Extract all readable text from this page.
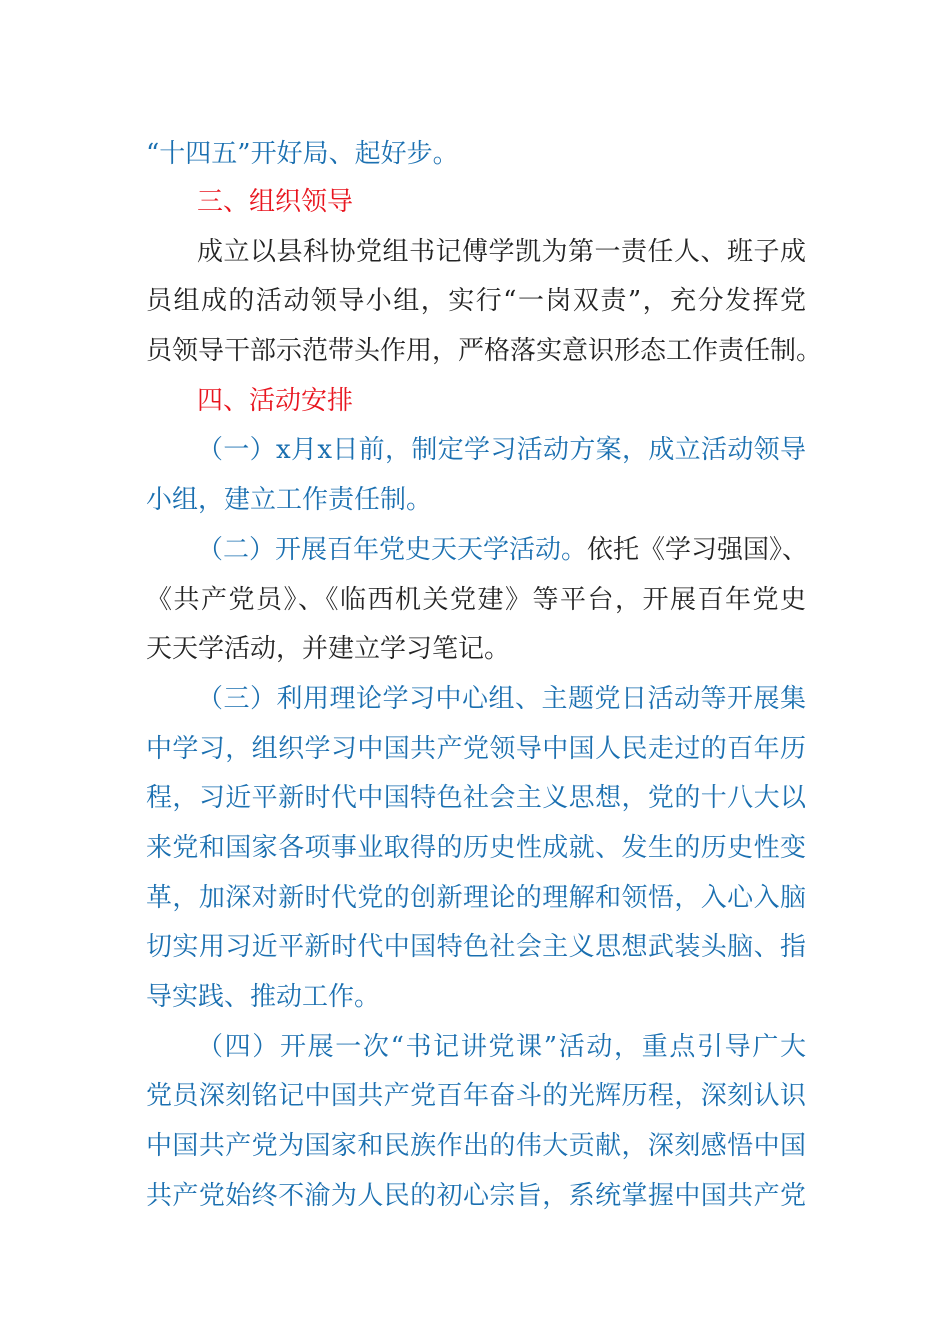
“十四五”开好局、起好步。
三、组织领导
成立以县科协党组书记傅学凯为第一责任人、班子成
员组成的活动领导小组，实行“一岗双责”，充分发挥党
员领导干部示范带头作用，严格落实意识形态工作责任制。
四、活动安排
（一）x月x日前，制定学习活动方案，成立活动领导
小组，建立工作责任制。
（二）开展百年党史天天学活动。依托《学习强国》、
《共产党员》、《临西机关党建》等平台，开展百年党史
天天学活动，并建立学习笔记。
（三）利用理论学习中心组、主题党日活动等开展集
中学习，组织学习中国共产党领导中国人民走过的百年历
程，习近平新时代中国特色社会主义思想，党的十八大以
来党和国家各项事业取得的历史性成就、发生的历史性变
革，加深对新时代党的创新理论的理解和领悟，入心入脑
切实用习近平新时代中国特色社会主义思想武装头脑、指
导实践、推动工作。
（四）开展一次“书记讲党课”活动，重点引导广大
党员深刻铭记中国共产党百年奋斗的光辉历程，深刻认识
中国共产党为国家和民族作出的伟大贡献，深刻感悟中国
共产党始终不渝为人民的初心宗旨，系统掌握中国共产党
